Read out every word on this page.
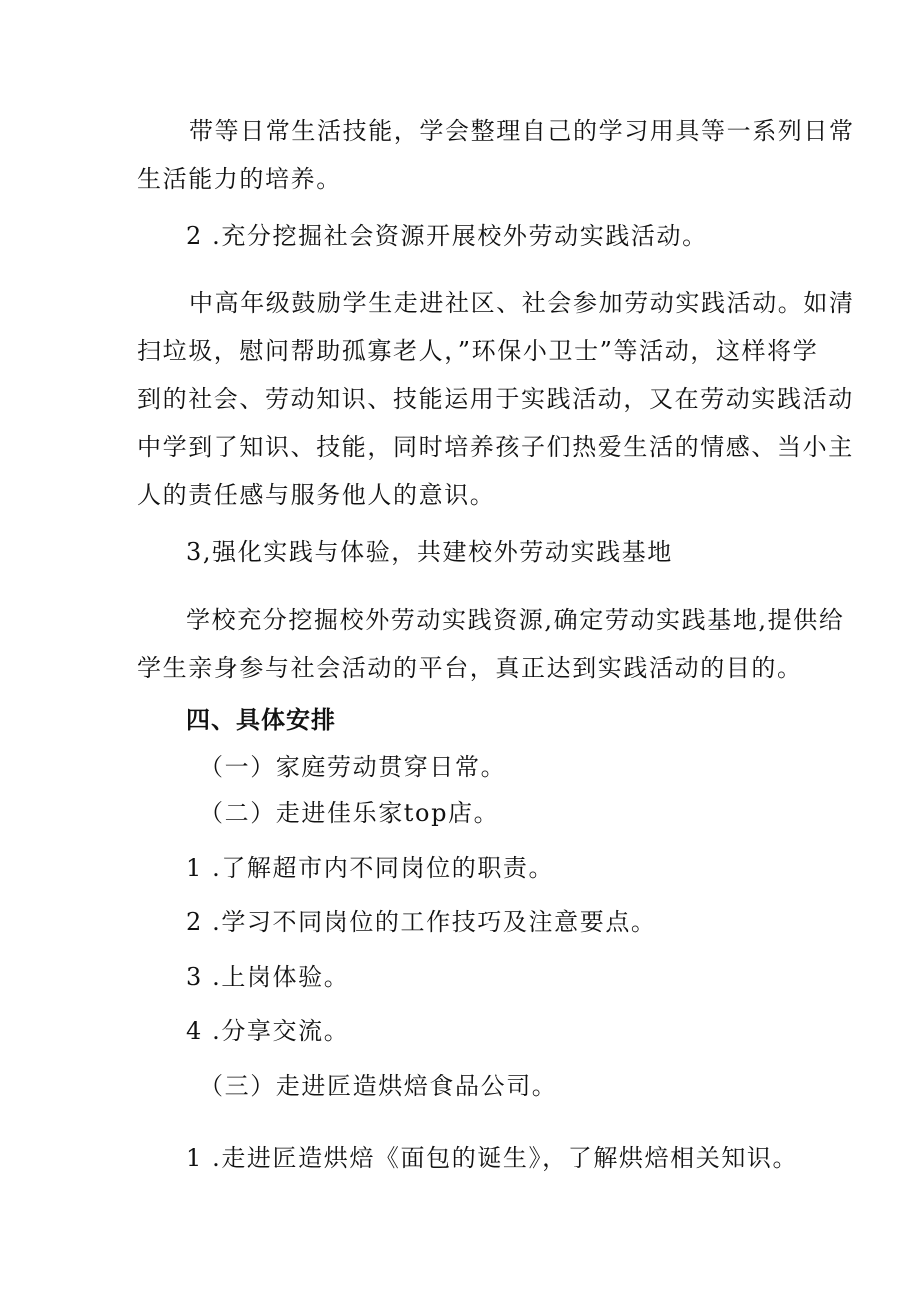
带等日常生活技能，学会整理自己的学习用具等一系列日常
生活能力的培养。
2 .充分挖掘社会资源开展校外劳动实践活动。
中高年级鼓励学生走进社区、社会参加劳动实践活动。如清
扫垃圾，慰问帮助孤寡老人，”环保小卫士”等活动，这样将学
到的社会、劳动知识、技能运用于实践活动，又在劳动实践活动
中学到了知识、技能，同时培养孩子们热爱生活的情感、当小主
人的责任感与服务他人的意识。
3,强化实践与体验，共建校外劳动实践基地
学校充分挖掘校外劳动实践资源,确定劳动实践基地,提供给
学生亲身参与社会活动的平台，真正达到实践活动的目的。
四、具体安排
（一）家庭劳动贯穿日常。
（二）走进佳乐家top店。
1 .了解超市内不同岗位的职责。
2 .学习不同岗位的工作技巧及注意要点。
3 .上岗体验。
4 .分享交流。
（三）走进匠造烘焙食品公司。
1 .走进匠造烘焙《面包的诞生》，了解烘焙相关知识。
